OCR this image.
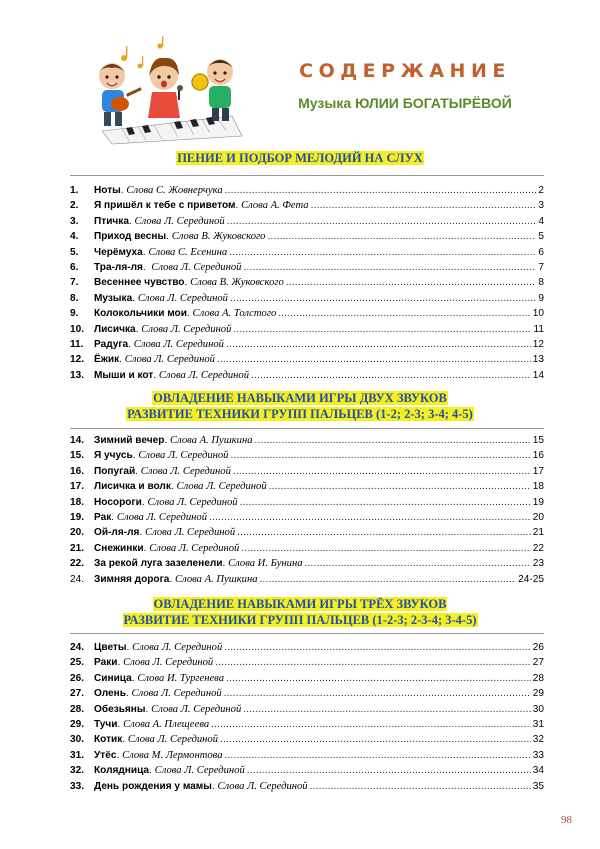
СОДЕРЖАНИЕ
Музыка ЮЛИИ БОГАТЫРЁВОЙ
ПЕНИЕ И ПОДБОР МЕЛОДИЙ НА СЛУХ
1.	Ноты . Слова С. Жовнерчука .....	2
2.	Я пришёл к тебе с приветом . Слова А. Фета .....	3
3.	Птичка . Слова Л. Серединой .....	4
4.	Приход весны . Слова В. Жуковского .....	5
5.	Черёмуха . Слова С. Есенина .....	6
6.	Тра-ля-ля . Слова Л. Серединой .....	7
7.	Весеннее чувство . Слова В. Жуковского .....	8
8.	Музыка . Слова Л. Серединой .....	9
9.	Колокольчики мои . Слова А. Толстого .....	10
10. Лисичка . Слова Л. Серединой .....	11
11.	Радуга . Слова Л. Серединой .....	12
12. Ёжик . Слова Л. Серединой .....	13
13. Мыши и кот . Слова Л. Серединой .....	14
ОВЛАДЕНИЕ НАВЫКАМИ ИГРЫ ДВУХ ЗВУКОВ
РАЗВИТИЕ ТЕХНИКИ ГРУПП ПАЛЬЦЕВ (1-2; 2-3; 3-4; 4-5)
14. Зимний вечер . Слова А. Пушкина .....	15
15. Я учусь . Слова Л. Серединой .....	16
16. Попугай . Слова Л. Серединой .....	17
17. Лисичка и волк . Слова Л. Серединой .....	18
18. Носороги . Слова Л. Серединой .....	19
19. Рак . Слова Л. Серединой .....	20
20. Ой-ля-ля . Слова Л. Серединой .....	21
21. Снежинки . Слова Л. Серединой .....	22
22. За рекой луга зазеленели . Слова И. Бунина .....	23
24. Зимняя дорога . Слова А. Пушкина .....	24-25
ОВЛАДЕНИЕ НАВЫКАМИ ИГРЫ ТРЁХ ЗВУКОВ
РАЗВИТИЕ ТЕХНИКИ ГРУПП ПАЛЬЦЕВ (1-2-3; 2-3-4; 3-4-5)
24. Цветы . Слова Л. Серединой .....	26
25. Раки . Слова Л. Серединой .....	27
26. Синица . Слова И. Тургенева .....	28
27. Олень . Слова Л. Серединой .....	29
28. Обезьяны . Слова Л. Серединой .....	30
29. Тучи . Слова А. Плещеева .....	31
30. Котик . Слова Л. Серединой .....	32
31. Утёс . Слова М. Лермонтова .....	33
32. Колядница . Слова Л. Серединой .....	34
33. День рождения у мамы . Слова Л. Серединой .....	35
98
